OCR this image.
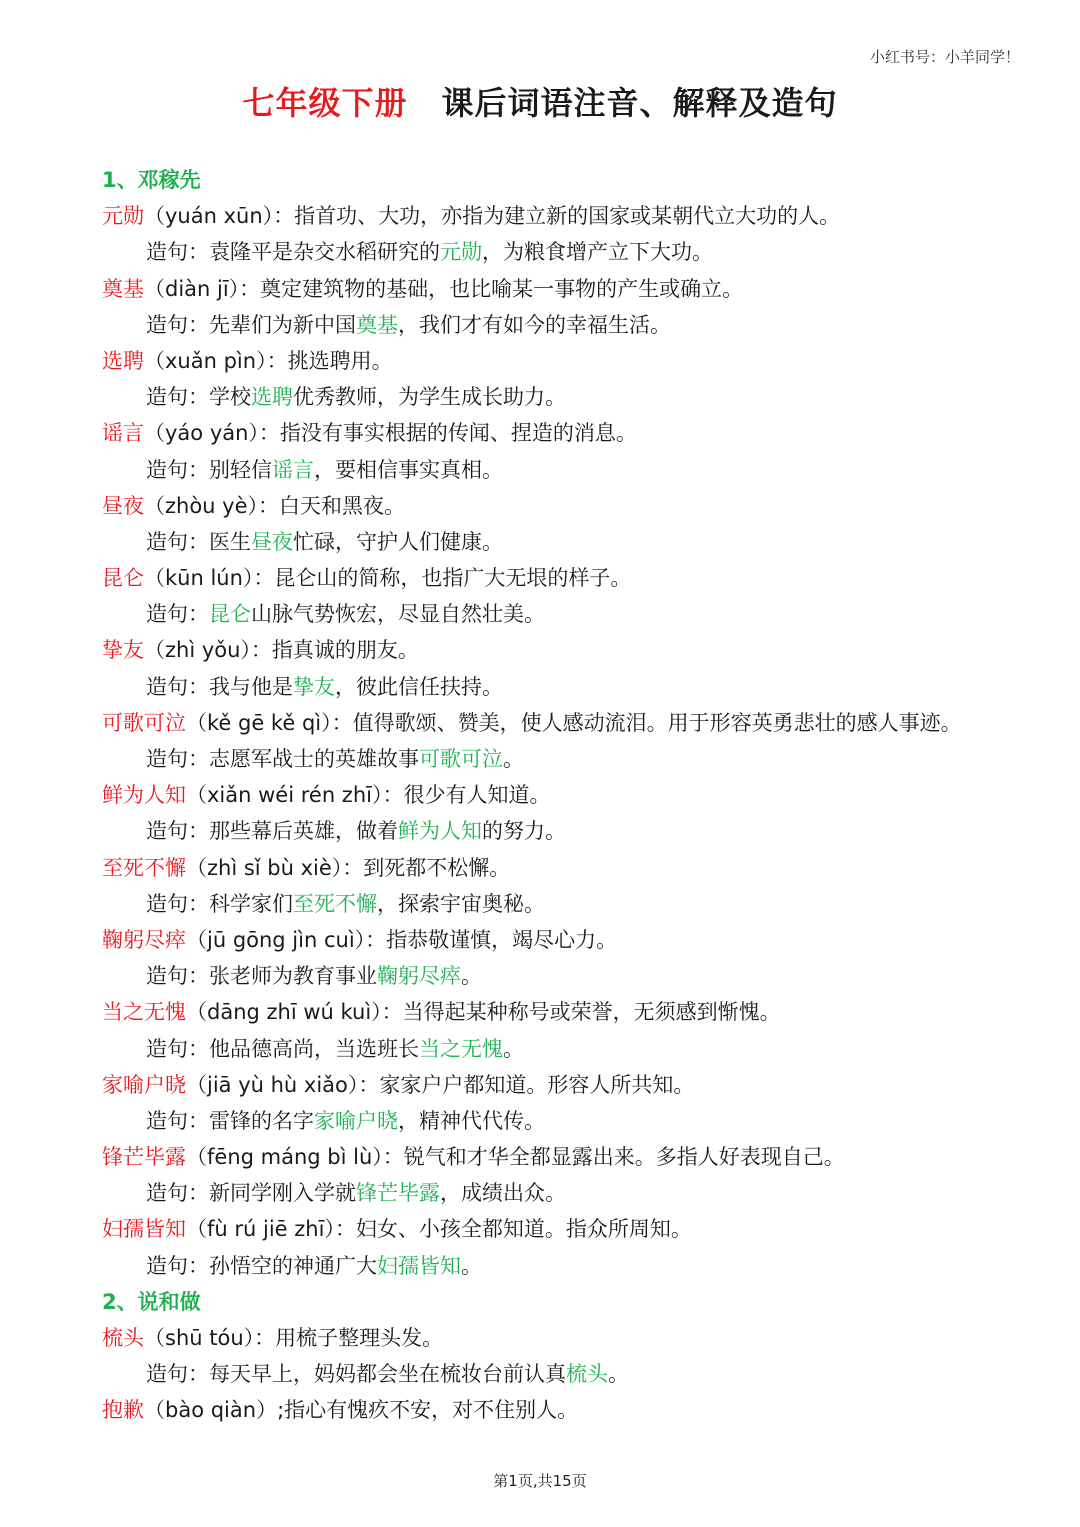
小红书号：小羊同学！
七年级下册 课后词语注音、解释及造句
1、邓稼先
元勋（yuán xūn）：指首功、大功，亦指为建立新的国家或某朝代立大功的人。
造句：袁隆平是杂交水稻研究的元勋，为粮食增产立下大功。
奠基（diàn jī）：奠定建筑物的基础，也比喻某一事物的产生或确立。
造句：先辈们为新中国奠基，我们才有如今的幸福生活。
选聘（xuǎn pìn）：挑选聘用。
造句：学校选聘优秀教师，为学生成长助力。
谣言（yáo yán）：指没有事实根据的传闻、捏造的消息。
造句：别轻信谣言，要相信事实真相。
昼夜（zhòu yè）：白天和黑夜。
造句：医生昼夜忙碌，守护人们健康。
昆仑（kūn lún）：昆仑山的简称，也指广大无垠的样子。
造句：昆仑山脉气势恢宏，尽显自然壮美。
挚友（zhì yǒu）：指真诚的朋友。
造句：我与他是挚友，彼此信任扶持。
可歌可泣（kě gē kě qì）：值得歌颂、赞美，使人感动流泪。用于形容英勇悲壮的感人事迹。
造句：志愿军战士的英雄故事可歌可泣。
鲜为人知（xiǎn wéi rén zhī）：很少有人知道。
造句：那些幕后英雄，做着鲜为人知的努力。
至死不懈（zhì sǐ bù xiè）：到死都不松懈。
造句：科学家们至死不懈，探索宇宙奥秘。
鞠躬尽瘁（jū gōng jìn cuì）：指恭敬谨慎，竭尽心力。
造句：张老师为教育事业鞠躬尽瘁。
当之无愧（dāng zhī wú kuì）：当得起某种称号或荣誉，无须感到惭愧。
造句：他品德高尚，当选班长当之无愧。
家喻户晓（jiā yù hù xiǎo）：家家户户都知道。形容人所共知。
造句：雷锋的名字家喻户晓，精神代代传。
锋芒毕露（fēng máng bì lù）：锐气和才华全都显露出来。多指人好表现自己。
造句：新同学刚入学就锋芒毕露，成绩出众。
妇孺皆知（fù rú jiē zhī）：妇女、小孩全都知道。指众所周知。
造句：孙悟空的神通广大妇孺皆知。
2、说和做
梳头（shū tóu）：用梳子整理头发。
造句：每天早上，妈妈都会坐在梳妆台前认真梳头。
抱歉（bào qiàn）;指心有愧疚不安，对不住别人。
第1页,共15页
